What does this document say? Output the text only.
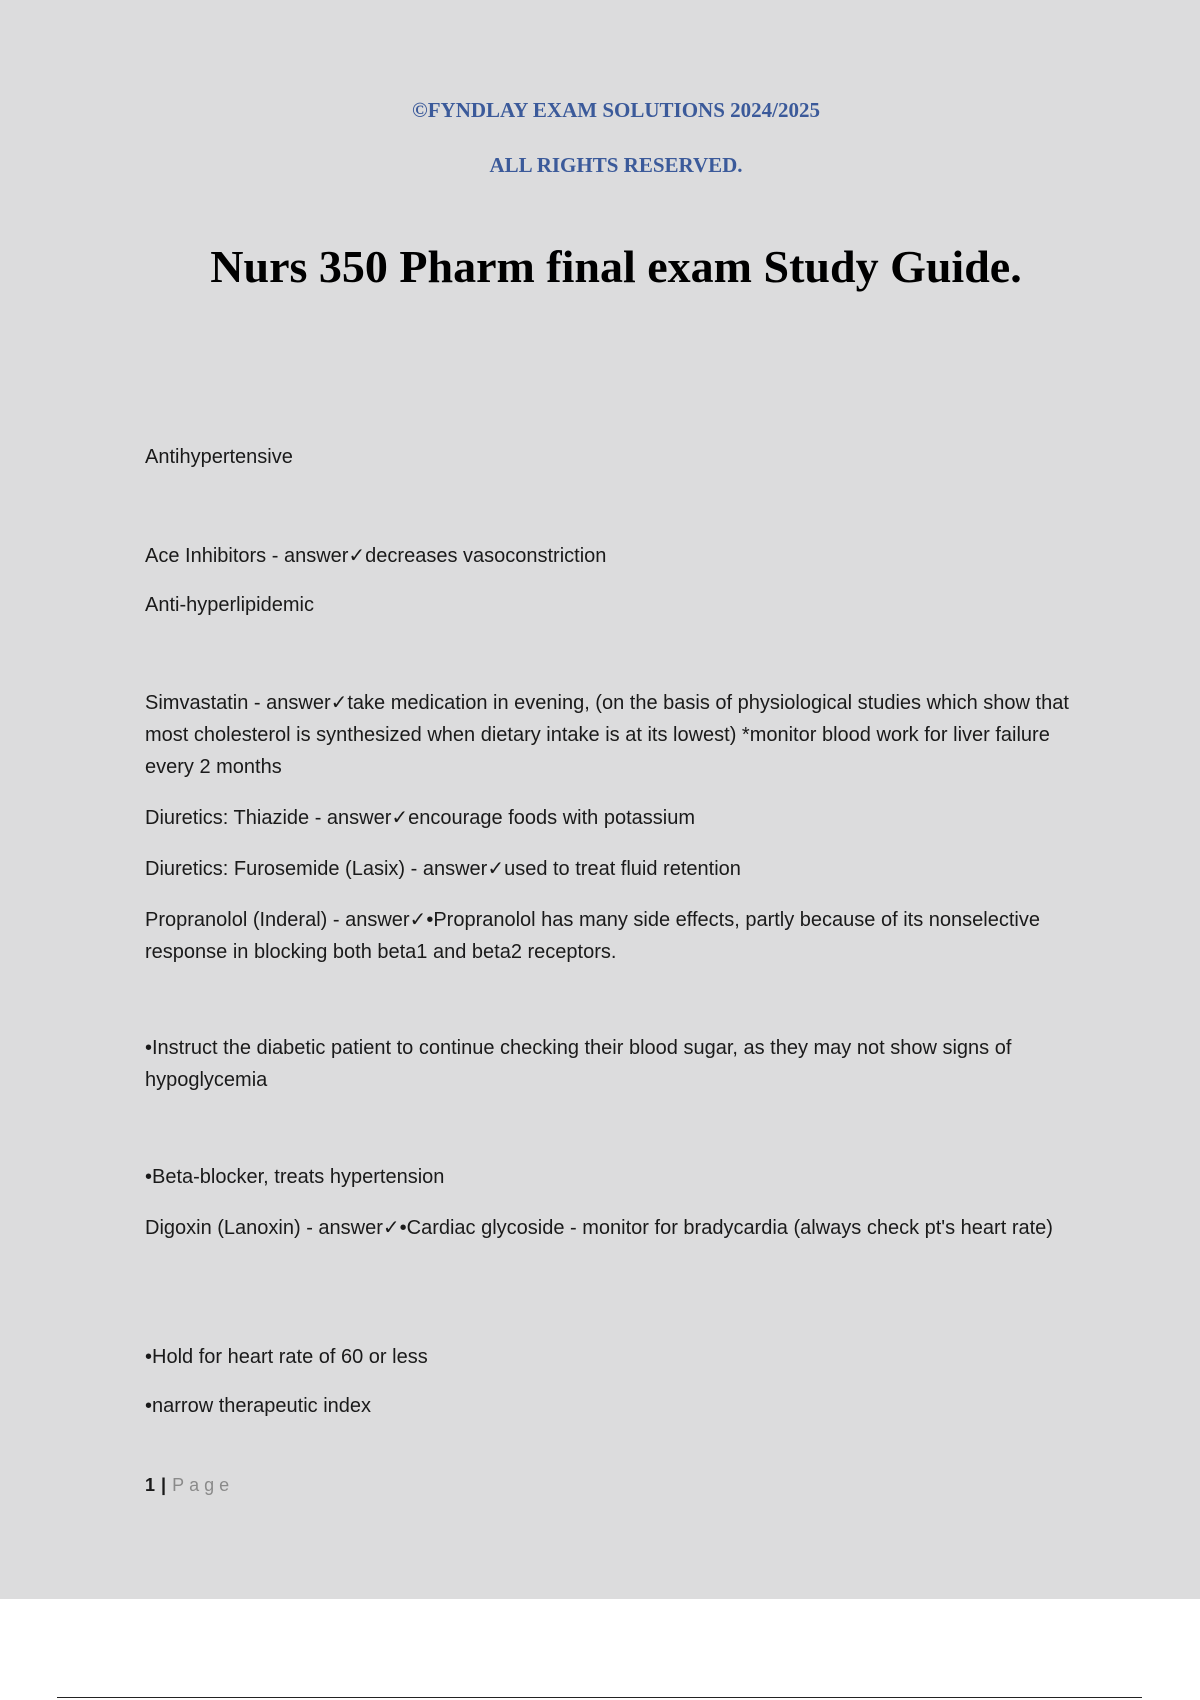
©FYNDLAY EXAM SOLUTIONS 2024/2025
ALL RIGHTS RESERVED.
Nurs 350 Pharm final exam Study Guide.
Antihypertensive
Ace Inhibitors - answer✓decreases vasoconstriction
Anti-hyperlipidemic
Simvastatin - answer✓take medication in evening, (on the basis of physiological studies which show that most cholesterol is synthesized when dietary intake is at its lowest) *monitor blood work for liver failure every 2 months
Diuretics: Thiazide - answer✓encourage foods with potassium
Diuretics: Furosemide (Lasix) - answer✓used to treat fluid retention
Propranolol (Inderal) - answer✓•Propranolol has many side effects, partly because of its nonselective response in blocking both beta1 and beta2 receptors.
•Instruct the diabetic patient to continue checking their blood sugar, as they may not show signs of hypoglycemia
•Beta-blocker, treats hypertension
Digoxin (Lanoxin) - answer✓•Cardiac glycoside - monitor for bradycardia (always check pt's heart rate)
•Hold for heart rate of 60 or less
•narrow therapeutic index
1 | Page
